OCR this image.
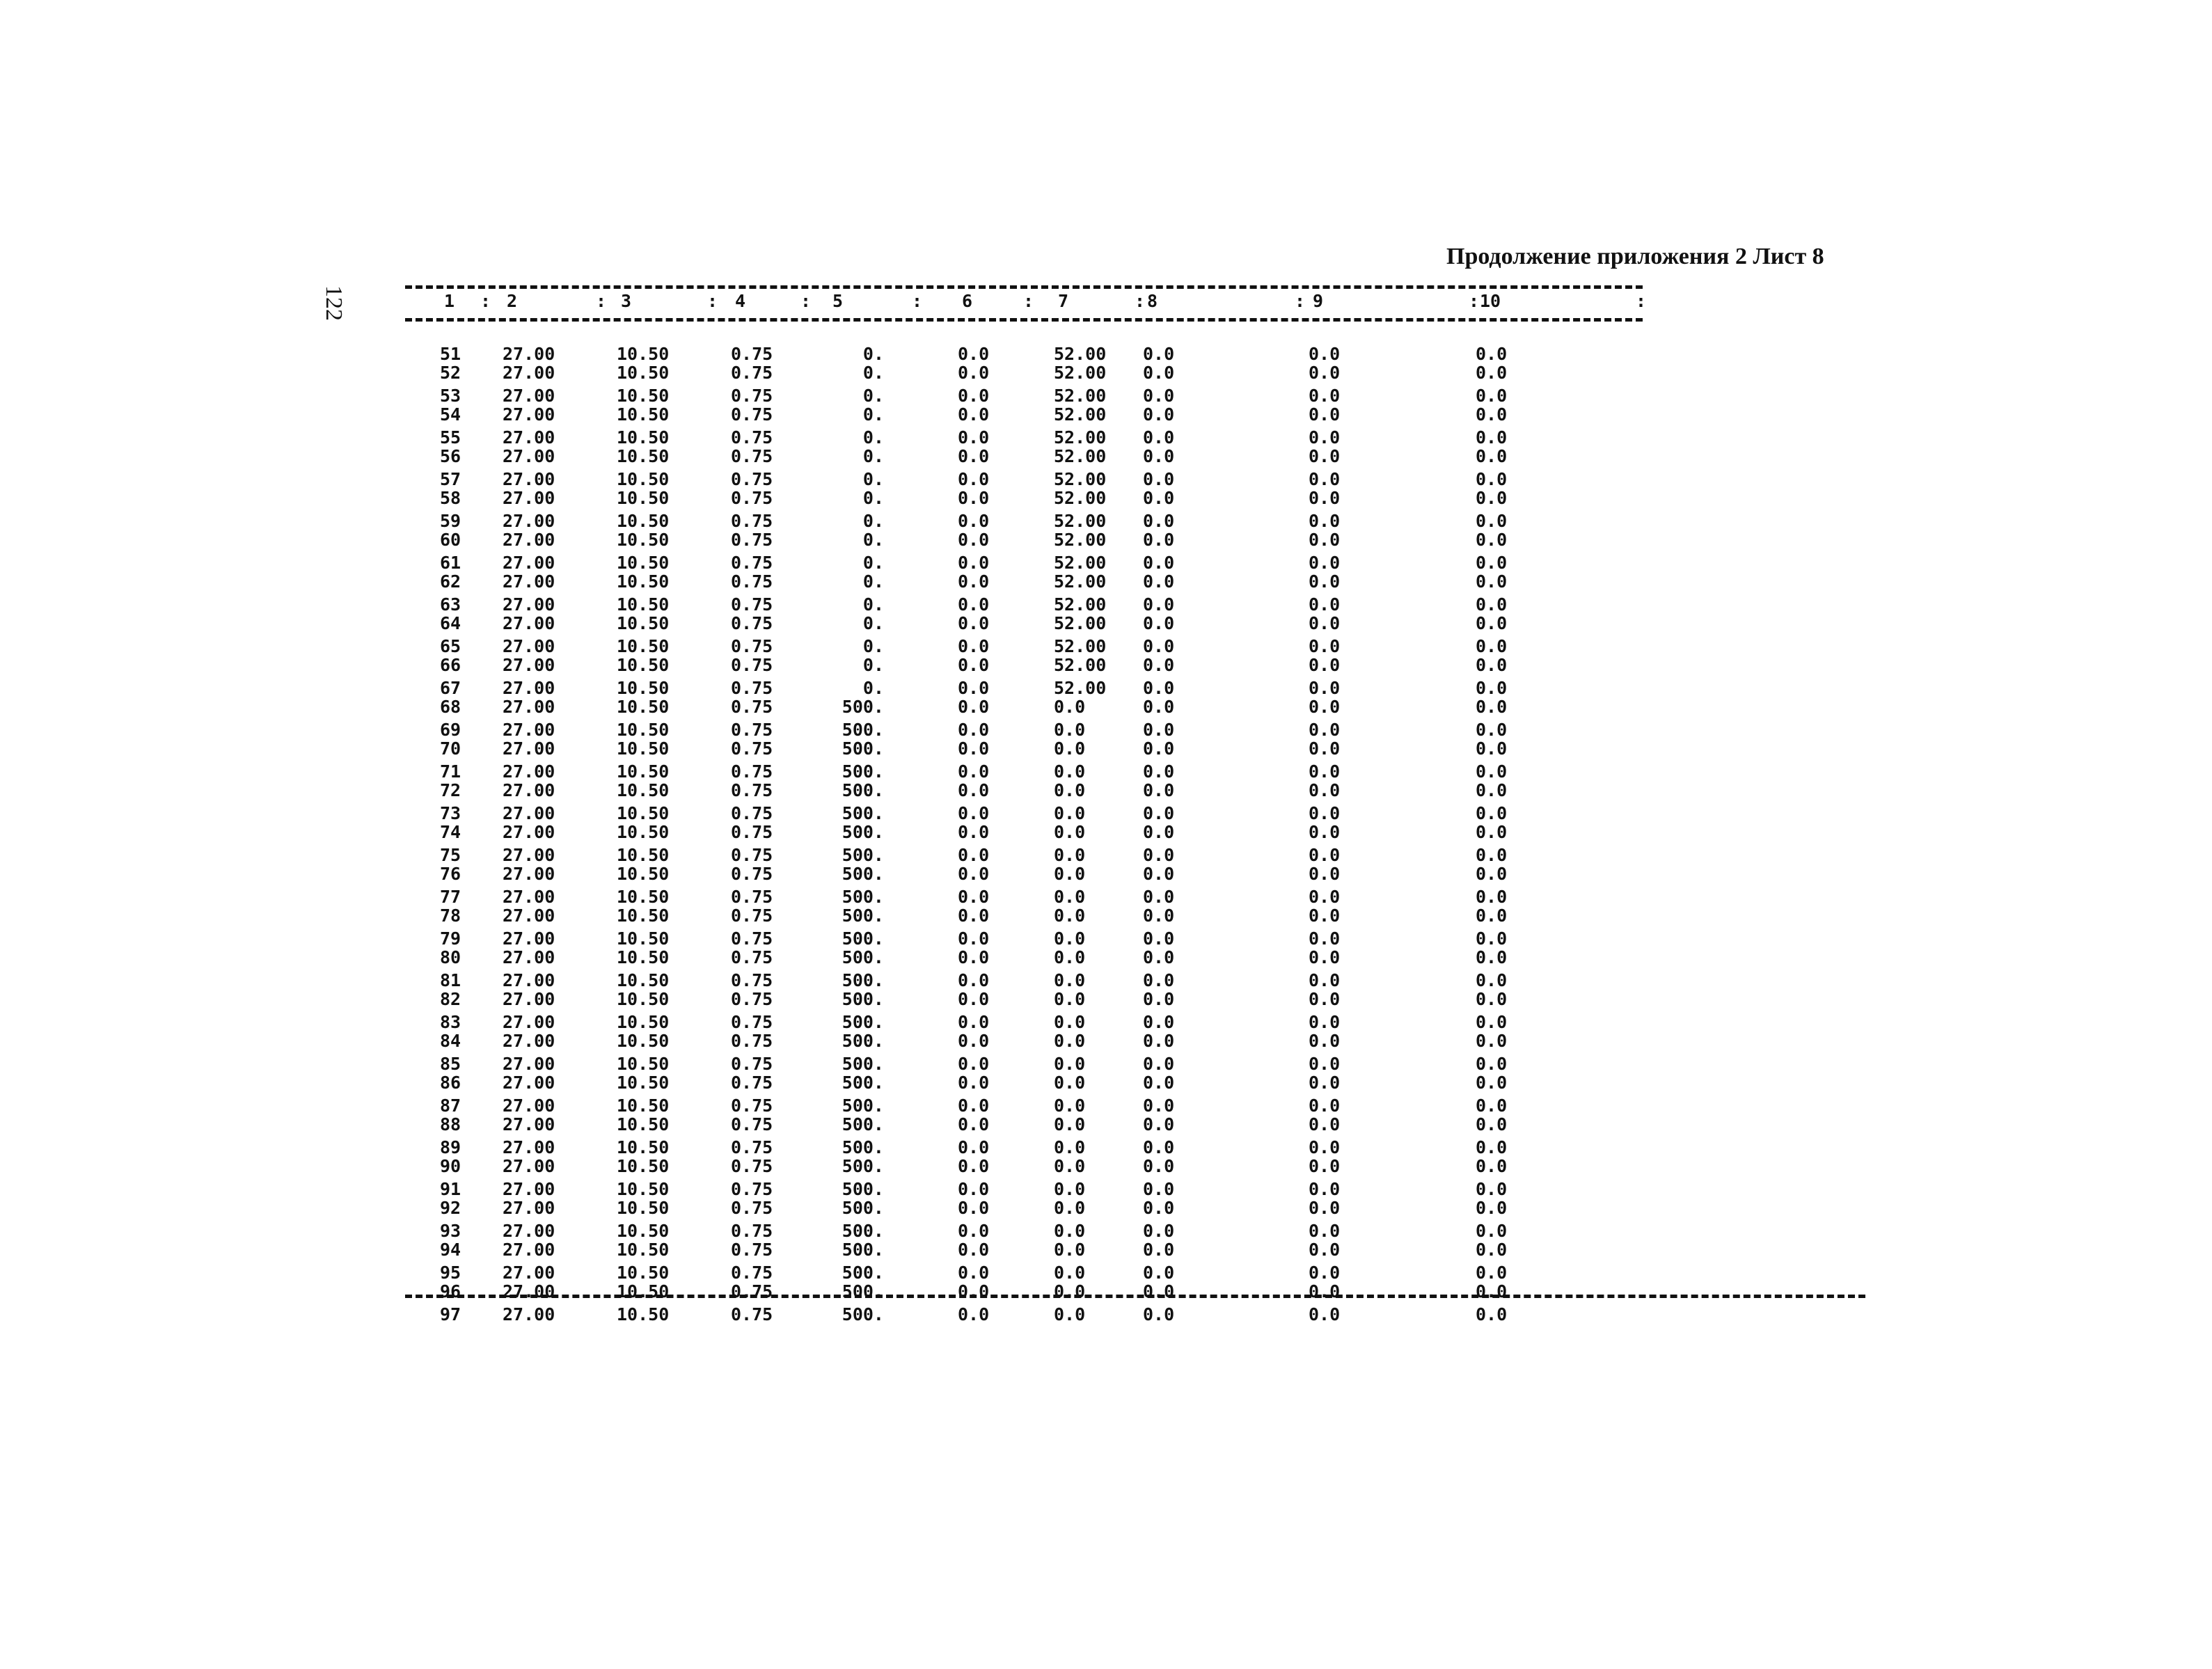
122
Продолжение приложения 2 Лист 8
1	2	3	4	5	6	7	8	9	10
:	:	:	:	:	:	:	:	:	:
51 27.00	10.50	0.75	0.	0.0	52.00 0.0	0.0	0.0
52 27.00	10.50	0.75	0.	0.0	52.00 0.0	0.0	0.0
53 27.00	10.50	0.75	0.	0.0	52.00 0.0	0.0	0.0
54 27.00	10.50	0.75	0.	0.0	52.00 0.0	0.0	0.0
55 27.00	10.50	0.75	0.	0.0	52.00 0.0	0.0	0.0
56 27.00	10.50	0.75	0.	0.0	52.00 0.0	0.0	0.0
57 27.00	10.50	0.75	0.	0.0	52.00 0.0	0.0	0.0
58 27.00	10.50	0.75	0.	0.0	52.00 0.0	0.0	0.0
59 27.00	10.50	0.75	0.	0.0	52.00 0.0	0.0	0.0
60 27.00	10.50	0.75	0.	0.0	52.00 0.0	0.0	0.0
61 27.00	10.50	0.75	0.	0.0	52.00 0.0	0.0	0.0
62 27.00	10.50	0.75	0.	0.0	52.00 0.0	0.0	0.0
63 27.00	10.50	0.75	0.	0.0	52.00 0.0	0.0	0.0
64 27.00	10.50	0.75	0.	0.0	52.00 0.0	0.0	0.0
65 27.00	10.50	0.75	0.	0.0	52.00 0.0	0.0	0.0
66 27.00	10.50	0.75	0.	0.0	52.00 0.0	0.0	0.0
67 27.00	10.50	0.75	0.	0.0	52.00 0.0	0.0	0.0
68 27.00	10.50	0.75	500.	0.0	0.0	0.0	0.0	0.0
69 27.00	10.50	0.75	500.	0.0	0.0	0.0	0.0	0.0
70 27.00	10.50	0.75	500.	0.0	0.0	0.0	0.0	0.0
71 27.00	10.50	0.75	500.	0.0	0.0	0.0	0.0	0.0
72 27.00	10.50	0.75	500.	0.0	0.0	0.0	0.0	0.0
73 27.00	10.50	0.75	500.	0.0	0.0	0.0	0.0	0.0
74 27.00	10.50	0.75	500.	0.0	0.0	0.0	0.0	0.0
75 27.00	10.50	0.75	500.	0.0	0.0	0.0	0.0	0.0
76 27.00	10.50	0.75	500.	0.0	0.0	0.0	0.0	0.0
77 27.00	10.50	0.75	500.	0.0	0.0	0.0	0.0	0.0
78 27.00	10.50	0.75	500.	0.0	0.0	0.0	0.0	0.0
79 27.00	10.50	0.75	500.	0.0	0.0	0.0	0.0	0.0
80 27.00	10.50	0.75	500.	0.0	0.0	0.0	0.0	0.0
81 27.00	10.50	0.75	500.	0.0	0.0	0.0	0.0	0.0
82 27.00	10.50	0.75	500.	0.0	0.0	0.0	0.0	0.0
83 27.00	10.50	0.75	500.	0.0	0.0	0.0	0.0	0.0
84 27.00	10.50	0.75	500.	0.0	0.0	0.0	0.0	0.0
85 27.00	10.50	0.75	500.	0.0	0.0	0.0	0.0	0.0
86 27.00	10.50	0.75	500.	0.0	0.0	0.0	0.0	0.0
87 27.00	10.50	0.75	500.	0.0	0.0	0.0	0.0	0.0
88 27.00	10.50	0.75	500.	0.0	0.0	0.0	0.0	0.0
89 27.00	10.50	0.75	500.	0.0	0.0	0.0	0.0	0.0
90 27.00	10.50	0.75	500.	0.0	0.0	0.0	0.0	0.0
91 27.00	10.50	0.75	500.	0.0	0.0	0.0	0.0	0.0
92 27.00	10.50	0.75	500.	0.0	0.0	0.0	0.0	0.0
93 27.00	10.50	0.75	500.	0.0	0.0	0.0	0.0	0.0
94 27.00	10.50	0.75	500.	0.0	0.0	0.0	0.0	0.0
95 27.00	10.50	0.75	500.	0.0	0.0	0.0	0.0	0.0
96 27.00	10.50	0.75	500.	0.0	0.0	0.0	0.0	0.0
97 27.00	10.50	0.75	500.	0.0	0.0	0.0	0.0	0.0
